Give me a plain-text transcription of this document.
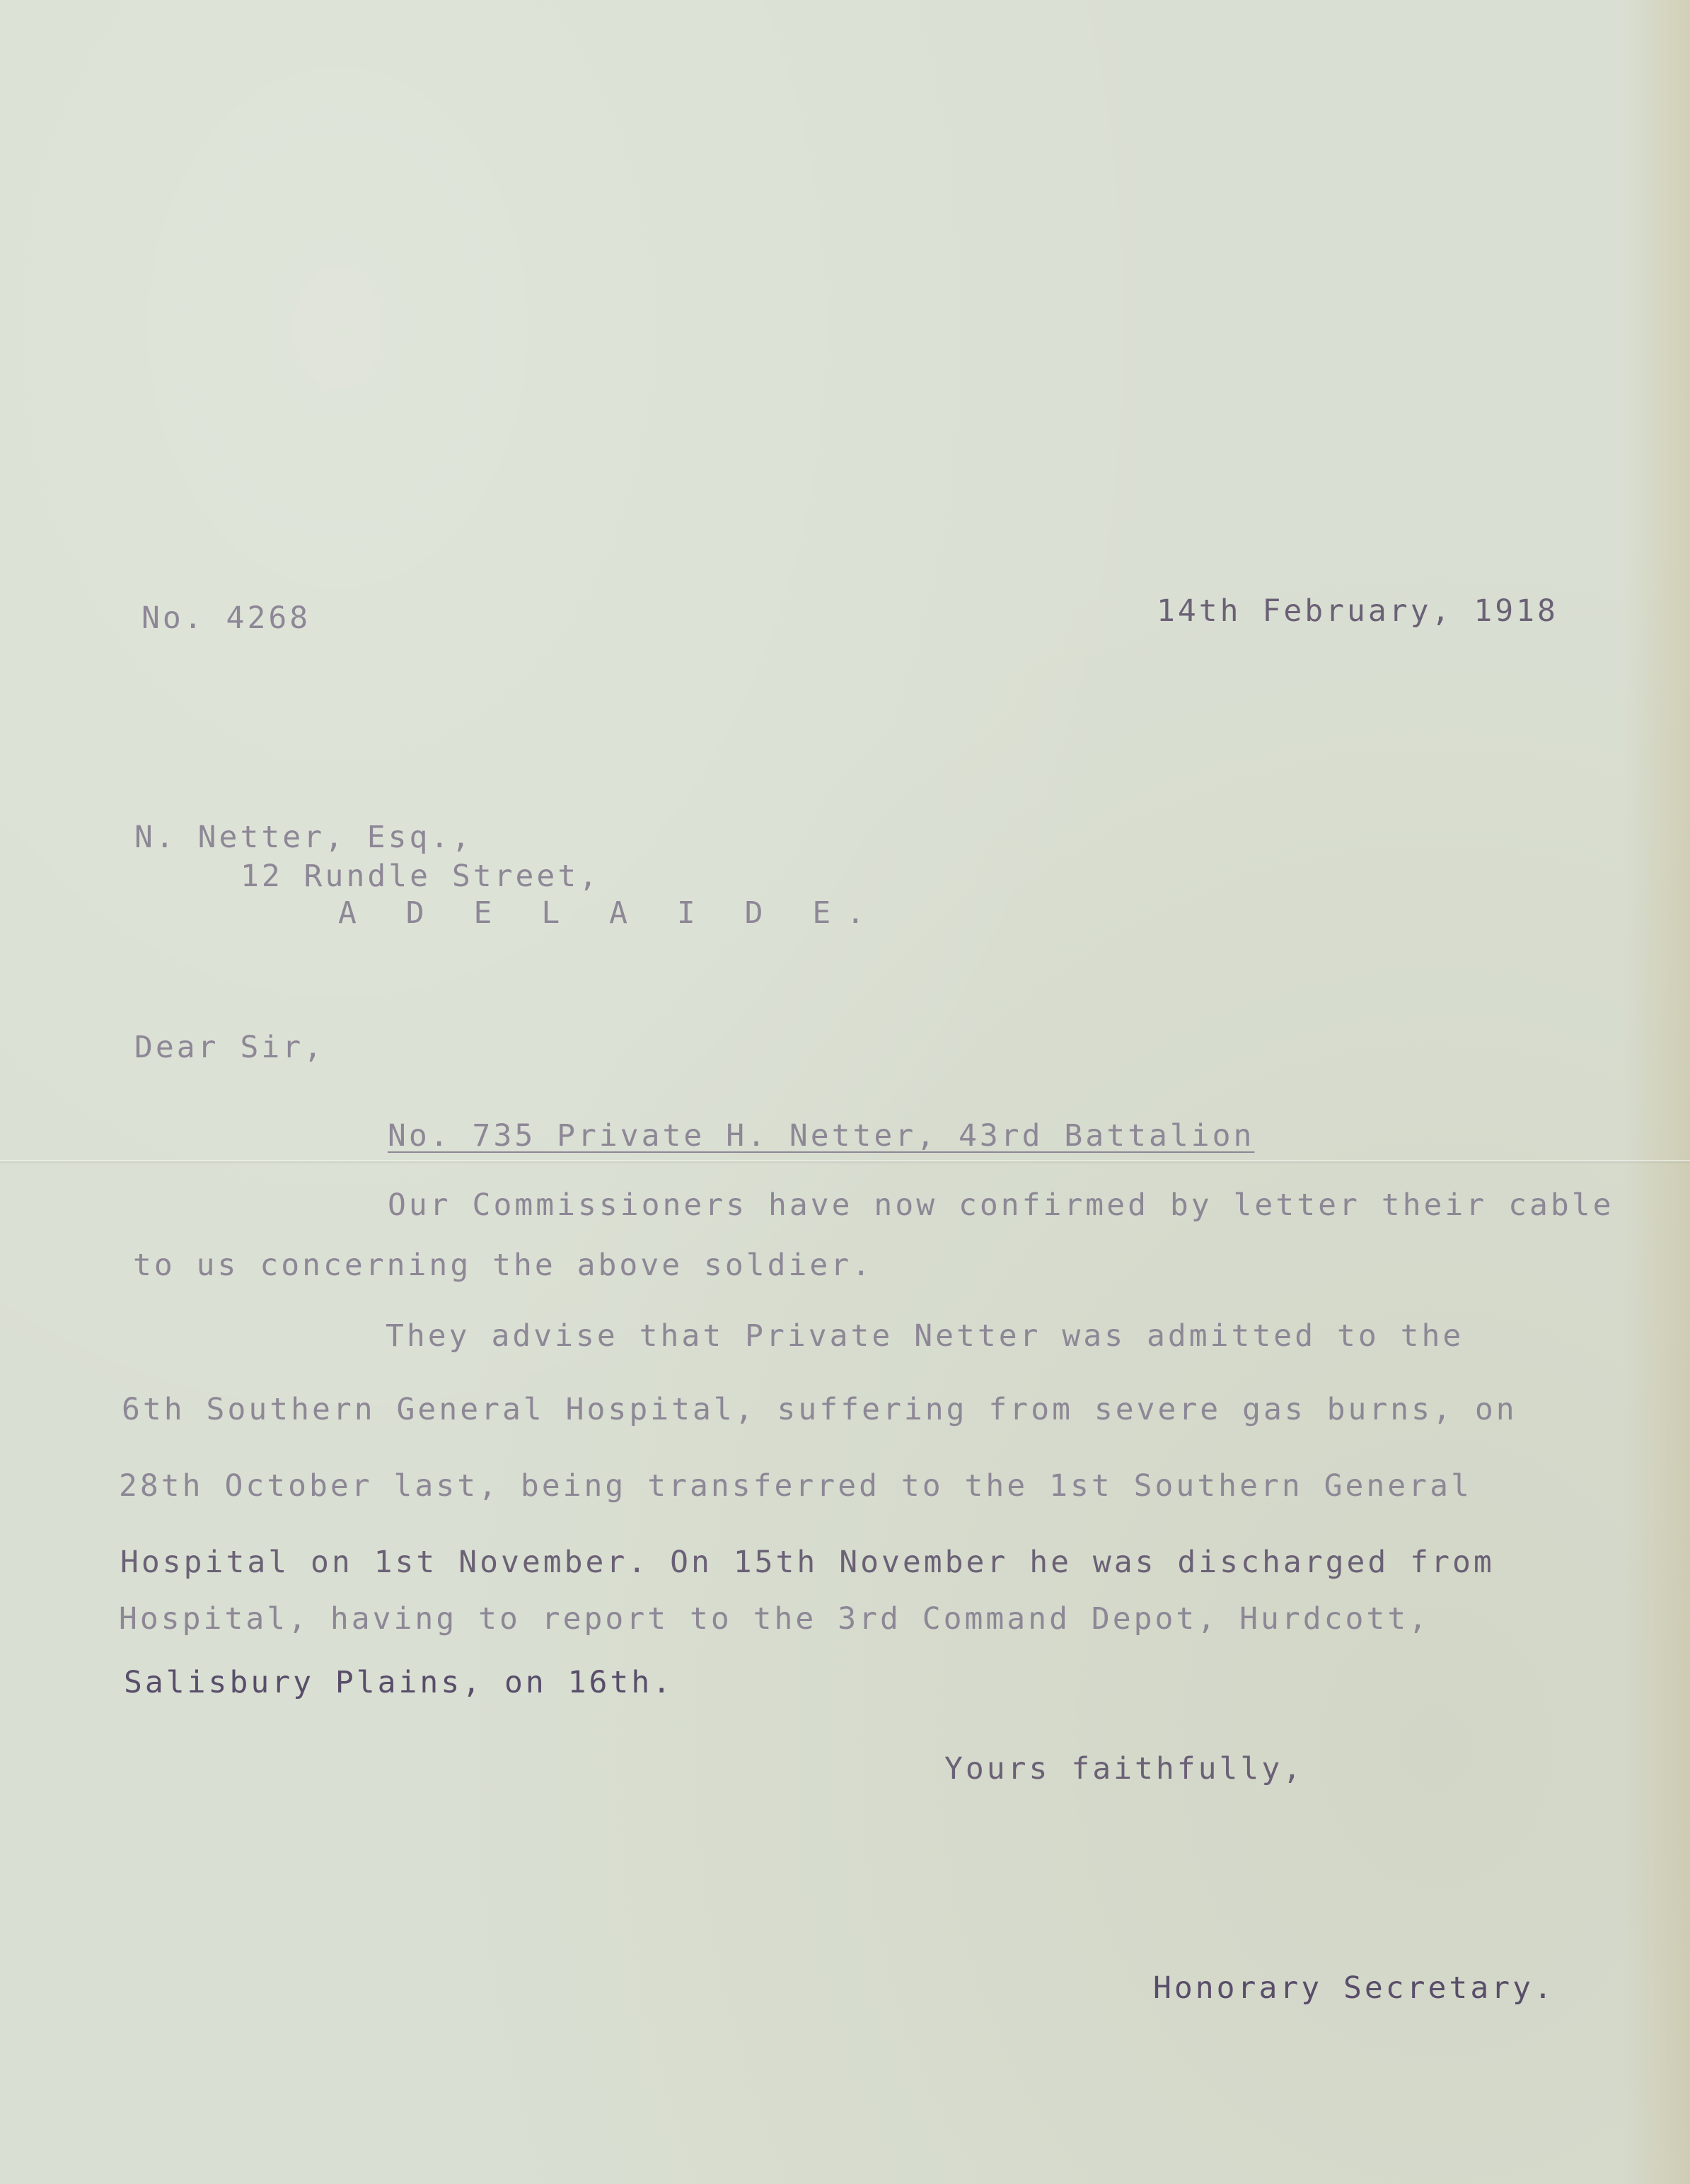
No. 4268	14th February, 1918
N. Netter, Esq.,
12 Rundle Street,
A D E L A I D E.
Dear Sir,
No. 735 Private H. Netter, 43rd Battalion
Our Commissioners have now confirmed by letter their cable
to us concerning the above soldier.
They advise that Private Netter was admitted to the
6th Southern General Hospital, suffering from severe gas burns, on
28th October last, being transferred to the 1st Southern General
Hospital on 1st November. On 15th November he was discharged from
Hospital, having to report to the 3rd Command Depot, Hurdcott,
Salisbury Plains, on 16th.
Yours faithfully,
Honorary Secretary.
